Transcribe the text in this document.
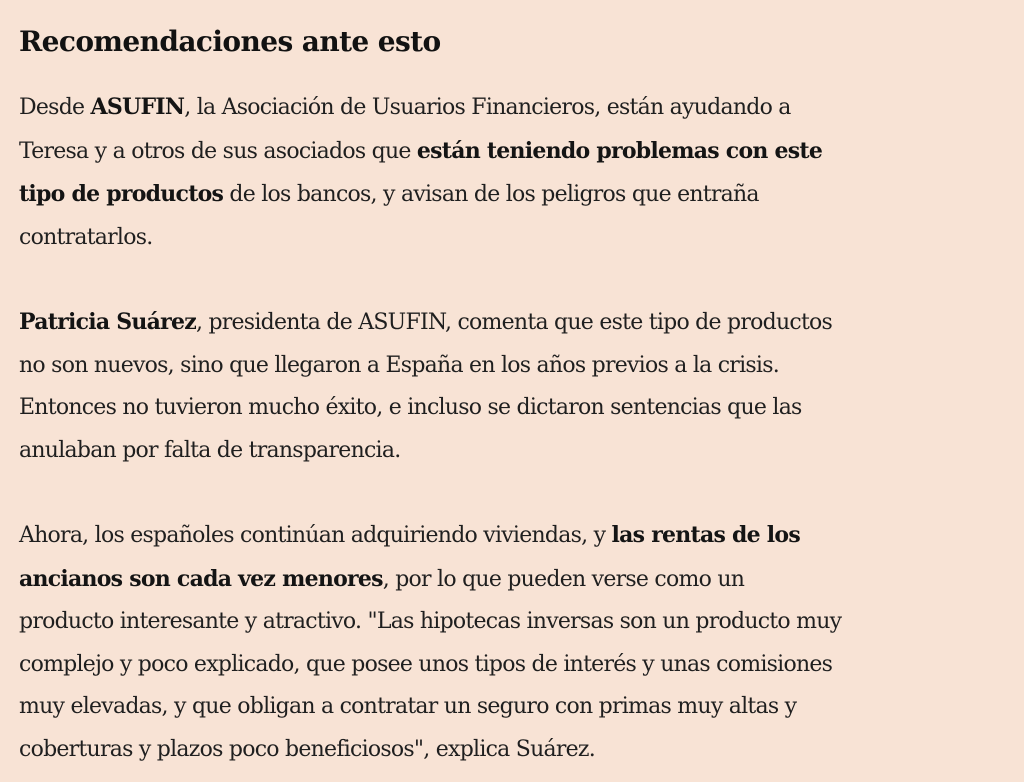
Recomendaciones ante esto

Desde ASUFIN, la Asociación de Usuarios Financieros, están ayudando a
Teresa y a otros de sus asociados que están teniendo problemas con este
tipo de productos de los bancos, y avisan de los peligros que entraña
contratarlos.

Patricia Suárez, presidenta de ASUFIN, comenta que este tipo de productos
no son nuevos, sino que llegaron a España en los años previos a la crisis.
Entonces no tuvieron mucho éxito, e incluso se dictaron sentencias que las
anulaban por falta de transparencia.

Ahora, los españoles continúan adquiriendo viviendas, y las rentas de los
ancianos son cada vez menores, por lo que pueden verse como un
producto interesante y atractivo. "Las hipotecas inversas son un producto muy
complejo y poco explicado, que posee unos tipos de interés y unas comisiones
muy elevadas, y que obligan a contratar un seguro con primas muy altas y
coberturas y plazos poco beneficiosos", explica Suárez.
